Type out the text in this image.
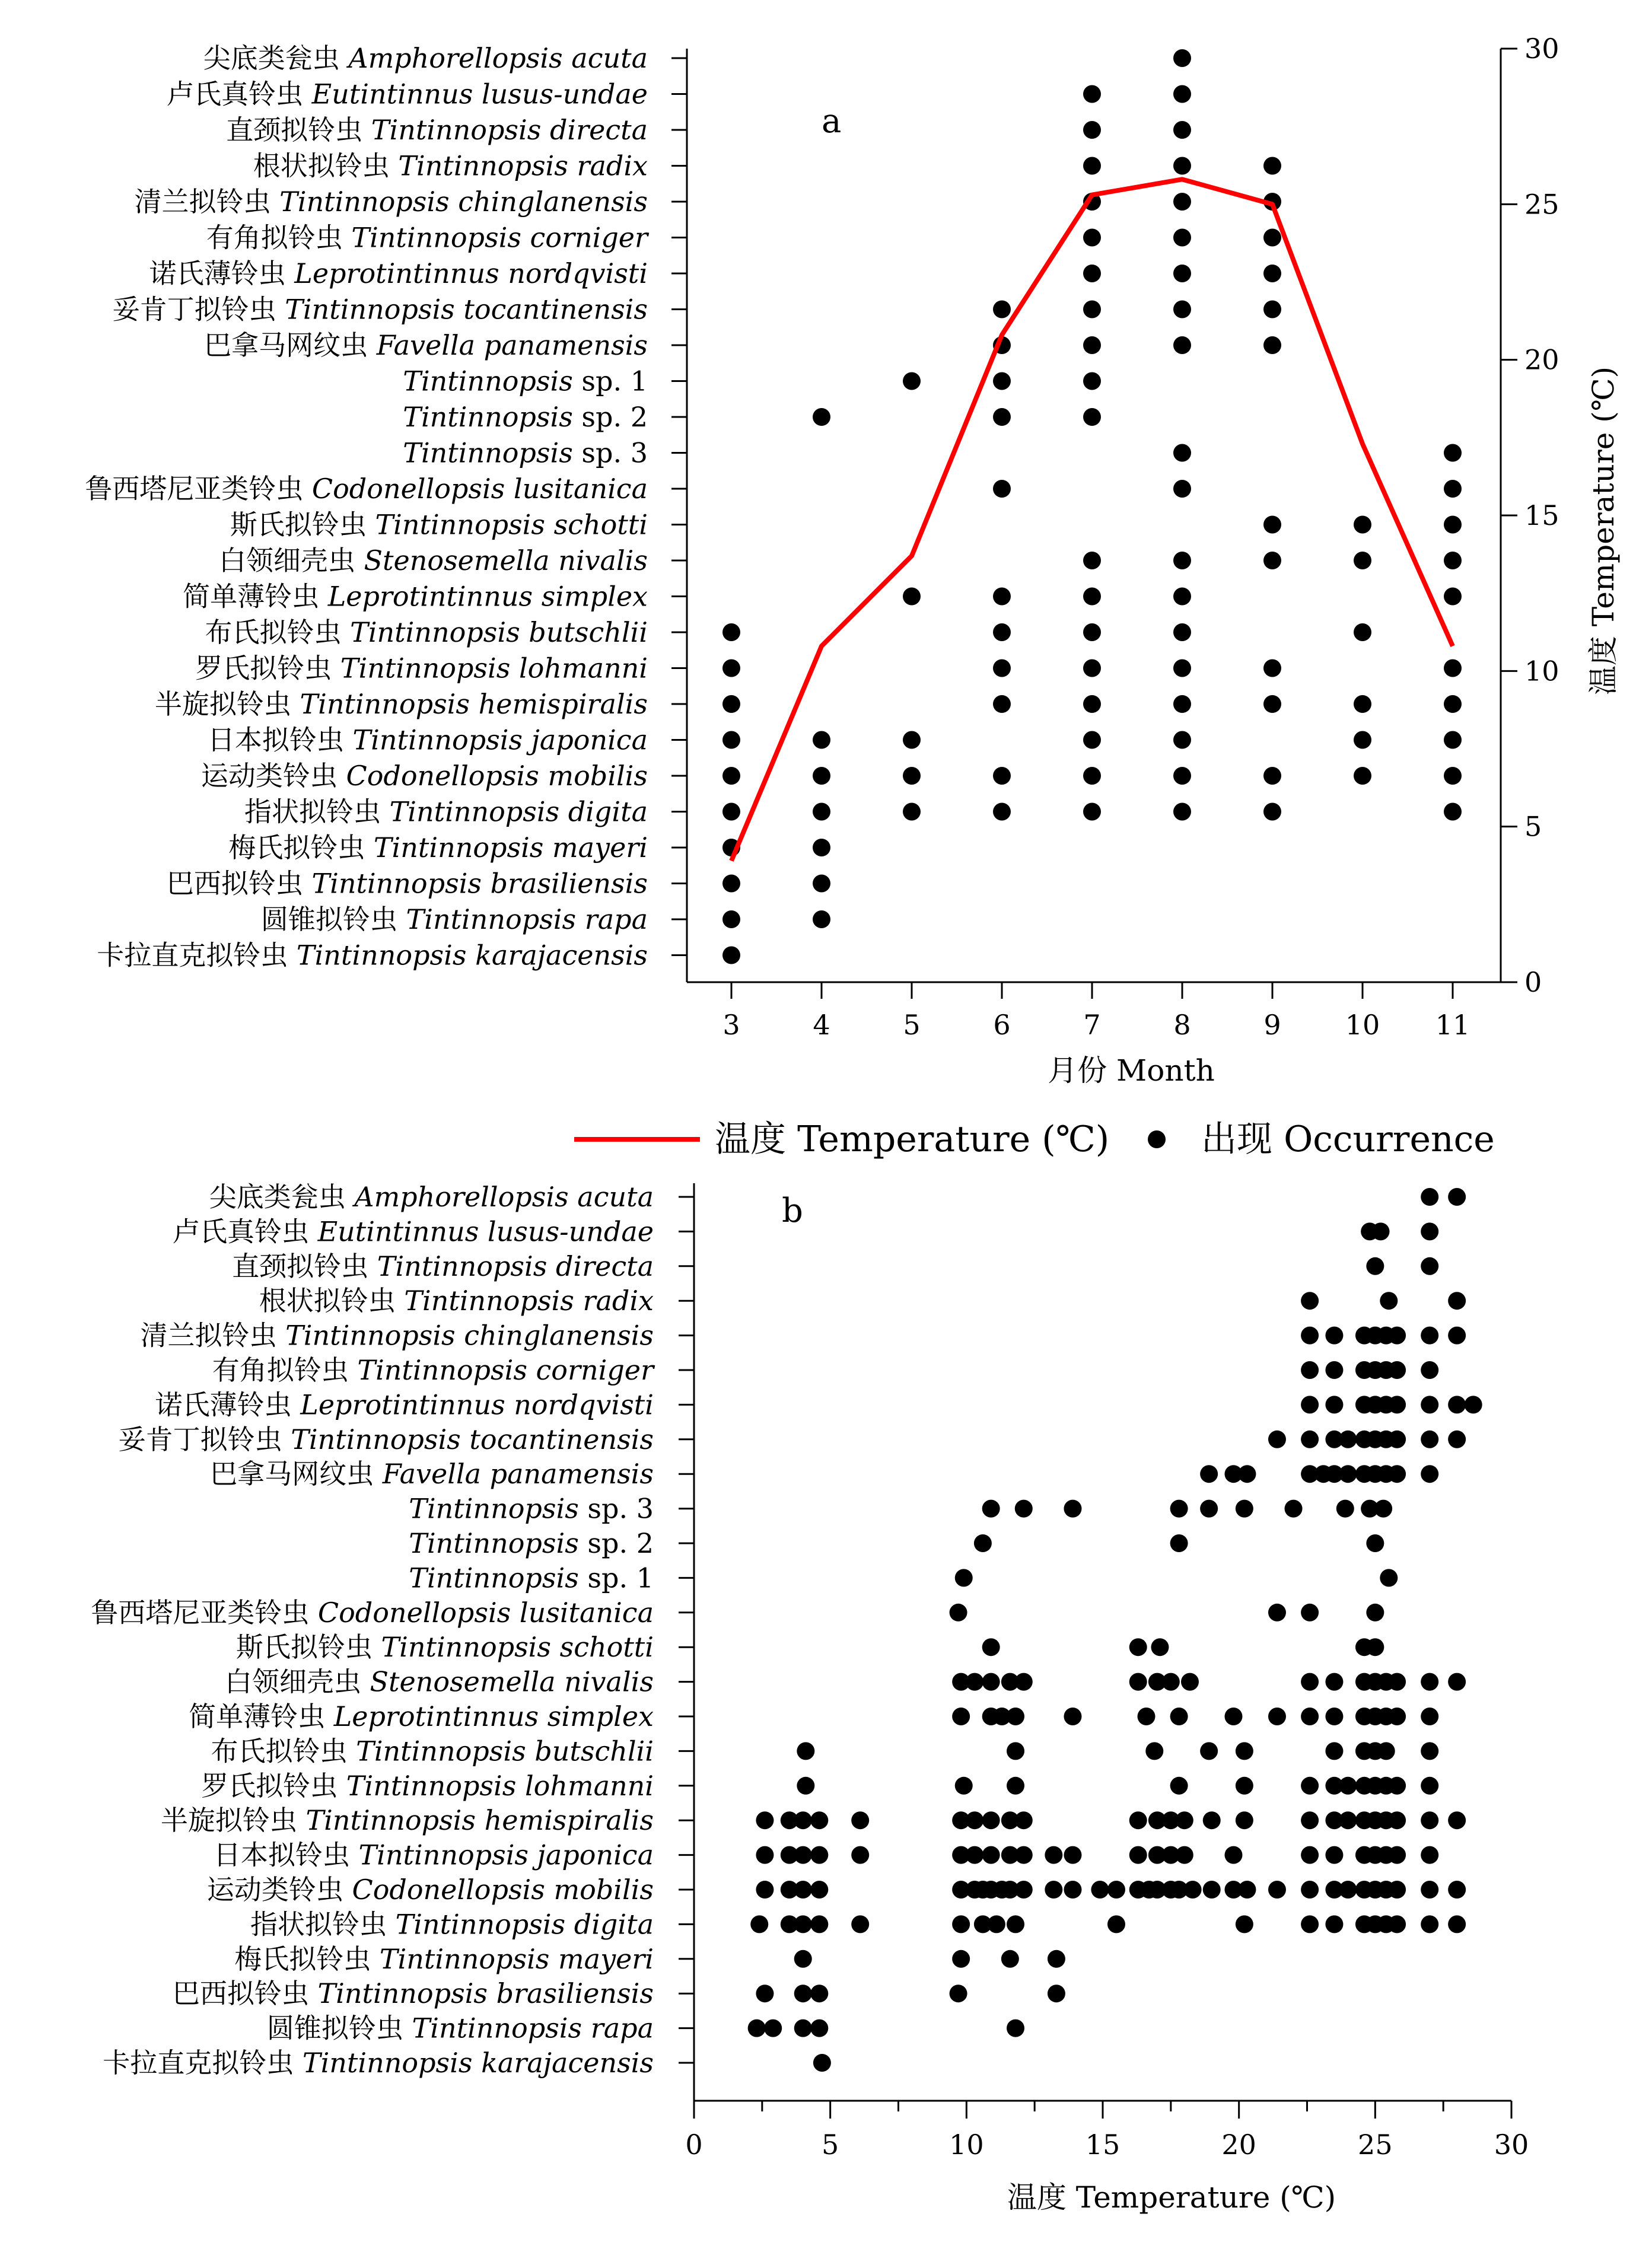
a
3	4	5	6	7	8	9 10 11
0
5
10
15
20
25
30
尖底类瓮虫 Amphorellopsis acuta
卢氏真铃虫 Eutintinnus lusus-undae
直颈拟铃虫 Tintinnopsis directa
根状拟铃虫 Tintinnopsis radix
清兰拟铃虫 Tintinnopsis chinglanensis
有角拟铃虫 Tintinnopsis corniger
诺氏薄铃虫 Leprotintinnus nordqvisti
妥肯丁拟铃虫 Tintinnopsis tocantinensis
巴拿马网纹虫 Favella panamensis
Tintinnopsis sp. 1
Tintinnopsis sp. 2
Tintinnopsis sp. 3
鲁西塔尼亚类铃虫 Codonellopsis lusitanica
斯氏拟铃虫 Tintinnopsis schotti
白领细壳虫 Stenosemella nivalis
简单薄铃虫 Leprotintinnus simplex
布氏拟铃虫 Tintinnopsis butschlii
罗氏拟铃虫 Tintinnopsis lohmanni
半旋拟铃虫 Tintinnopsis hemispiralis
日本拟铃虫 Tintinnopsis japonica
运动类铃虫 Codonellopsis mobilis
指状拟铃虫 Tintinnopsis digita
梅氏拟铃虫 Tintinnopsis mayeri
巴西拟铃虫 Tintinnopsis brasiliensis
圆锥拟铃虫 Tintinnopsis rapa
卡拉直克拟铃虫 Tintinnopsis karajacensis
月份 Month
温度 Temperature (℃)
温度 Temperature (℃)	出现 Occurrence
b
0	5	10	15	20	25	30
尖底类瓮虫 Amphorellopsis acuta
卢氏真铃虫 Eutintinnus lusus-undae
直颈拟铃虫 Tintinnopsis directa
根状拟铃虫 Tintinnopsis radix
清兰拟铃虫 Tintinnopsis chinglanensis
有角拟铃虫 Tintinnopsis corniger
诺氏薄铃虫 Leprotintinnus nordqvisti
妥肯丁拟铃虫 Tintinnopsis tocantinensis
巴拿马网纹虫 Favella panamensis
Tintinnopsis sp. 3
Tintinnopsis sp. 2
Tintinnopsis sp. 1
鲁西塔尼亚类铃虫 Codonellopsis lusitanica
斯氏拟铃虫 Tintinnopsis schotti
白领细壳虫 Stenosemella nivalis
简单薄铃虫 Leprotintinnus simplex
布氏拟铃虫 Tintinnopsis butschlii
罗氏拟铃虫 Tintinnopsis lohmanni
半旋拟铃虫 Tintinnopsis hemispiralis
日本拟铃虫 Tintinnopsis japonica
运动类铃虫 Codonellopsis mobilis
指状拟铃虫 Tintinnopsis digita
梅氏拟铃虫 Tintinnopsis mayeri
巴西拟铃虫 Tintinnopsis brasiliensis
圆锥拟铃虫 Tintinnopsis rapa
卡拉直克拟铃虫 Tintinnopsis karajacensis
温度 Temperature (℃)
